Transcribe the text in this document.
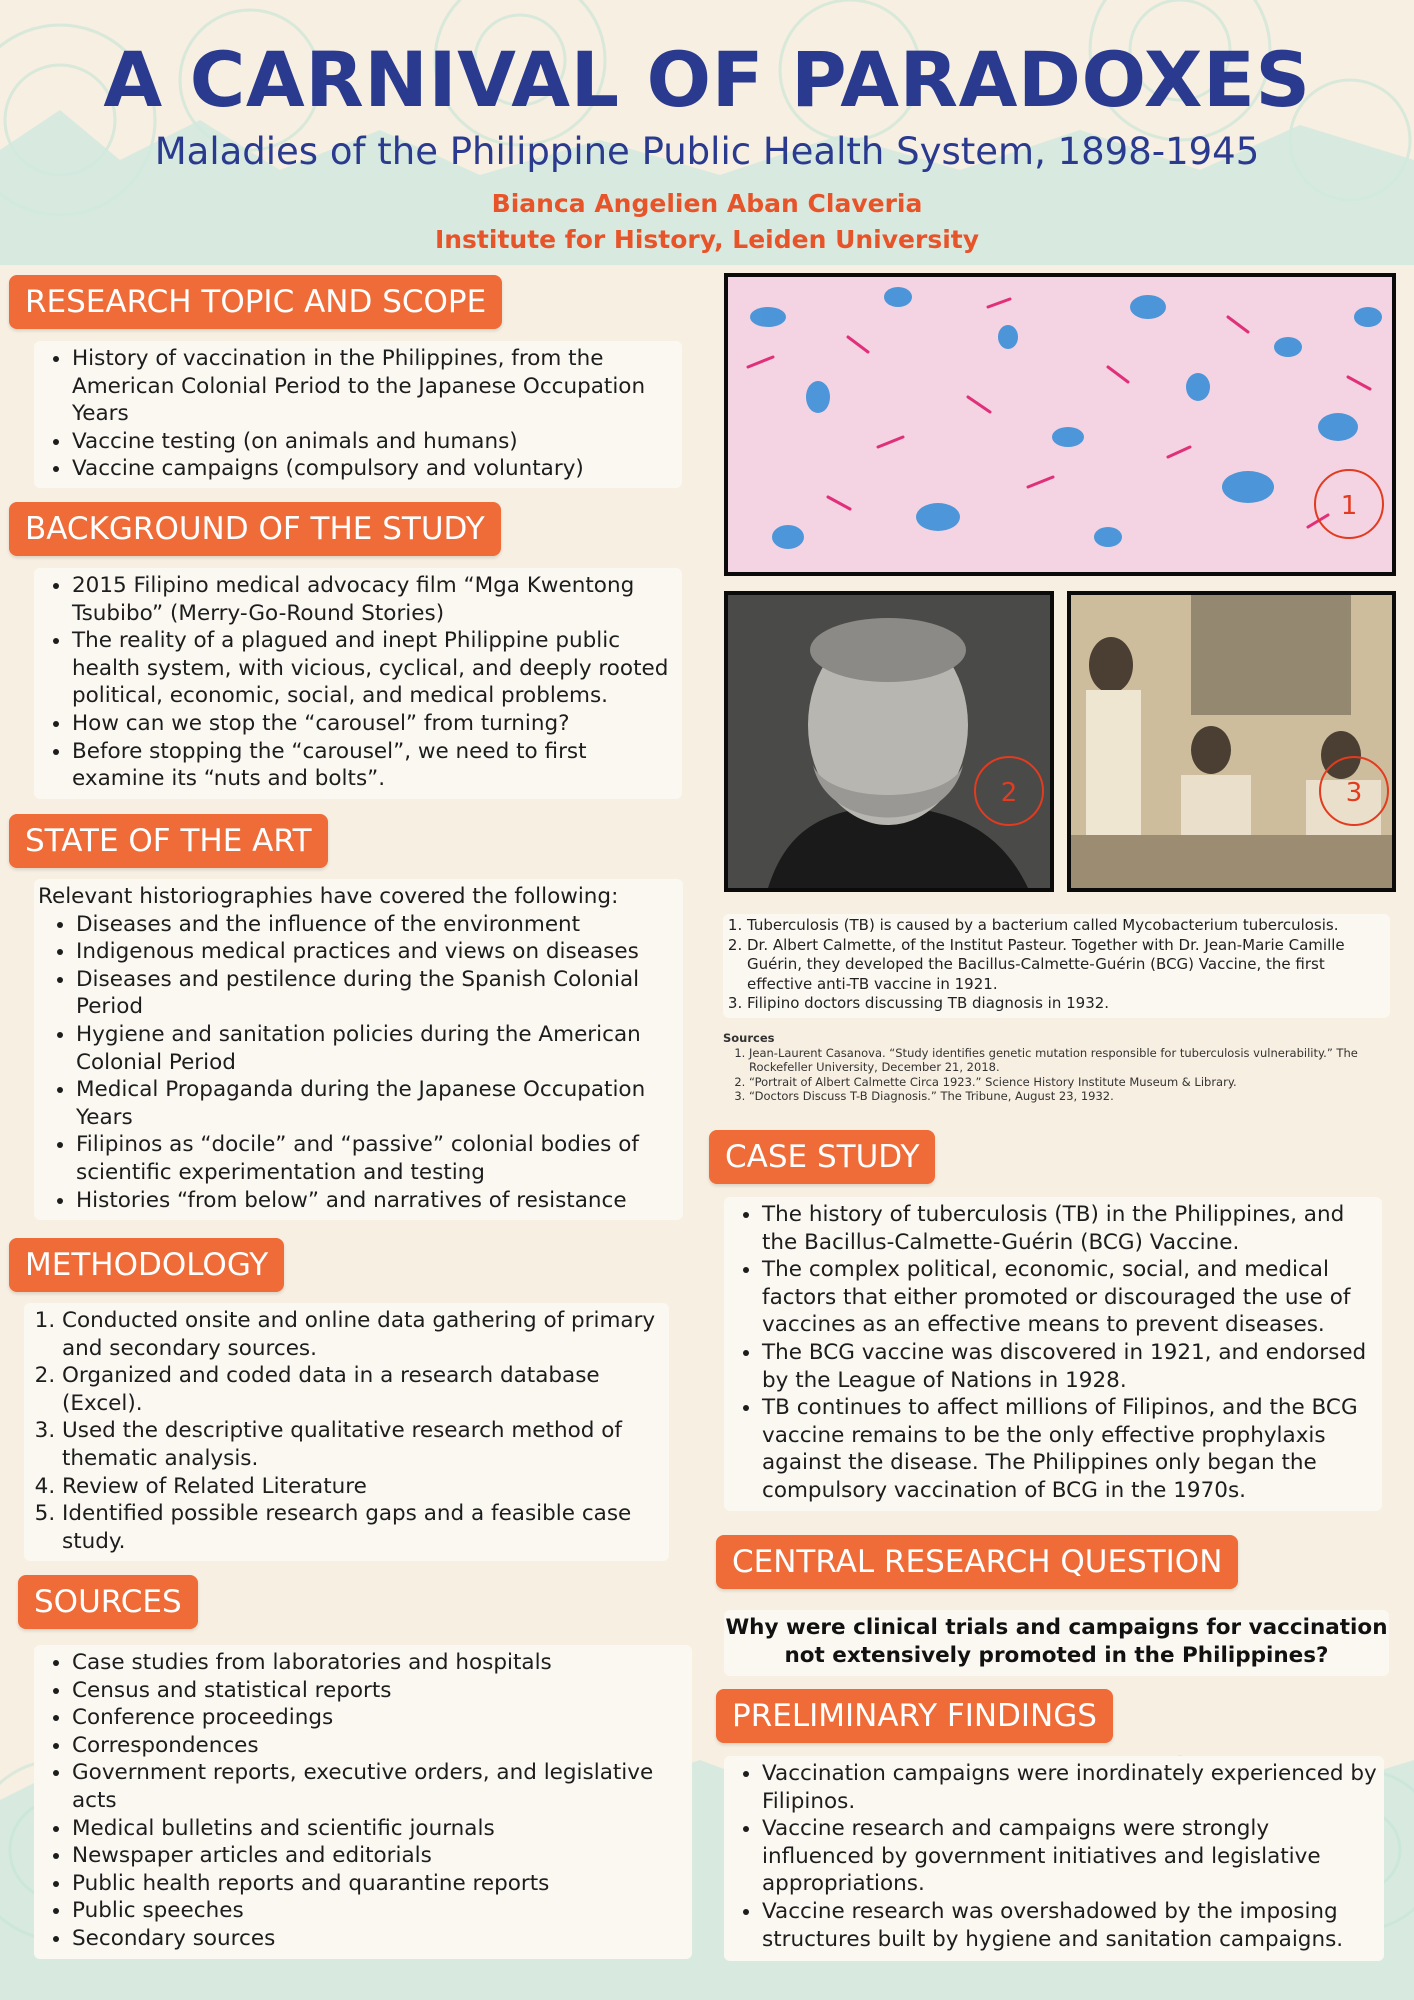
A CARNIVAL OF PARADOXES
Maladies of the Philippine Public Health System, 1898-1945
Bianca Angelien Aban Claveria
Institute for History, Leiden University
RESEARCH TOPIC AND SCOPE
• History of vaccination in the Philippines, from the American Colonial Period to the Japanese Occupation Years
• Vaccine testing (on animals and humans)
• Vaccine campaigns (compulsory and voluntary)
BACKGROUND OF THE STUDY
• 2015 Filipino medical advocacy film “Mga Kwentong Tsubibo” (Merry-Go-Round Stories)
• The reality of a plagued and inept Philippine public health system, with vicious, cyclical, and deeply rooted political, economic, social, and medical problems.
• How can we stop the “carousel” from turning?
• Before stopping the “carousel”, we need to first examine its “nuts and bolts”.
STATE OF THE ART
Relevant historiographies have covered the following:
• Diseases and the influence of the environment
• Indigenous medical practices and views on diseases
• Diseases and pestilence during the Spanish Colonial Period
• Hygiene and sanitation policies during the American Colonial Period
• Medical Propaganda during the Japanese Occupation Years
• Filipinos as “docile” and “passive” colonial bodies of scientific experimentation and testing
• Histories “from below” and narratives of resistance
METHODOLOGY
1. Conducted onsite and online data gathering of primary and secondary sources.
2. Organized and coded data in a research database (Excel).
3. Used the descriptive qualitative research method of thematic analysis.
4. Review of Related Literature
5. Identified possible research gaps and a feasible case study.
SOURCES
• Case studies from laboratories and hospitals
• Census and statistical reports
• Conference proceedings
• Correspondences
• Government reports, executive orders, and legislative acts
• Medical bulletins and scientific journals
• Newspaper articles and editorials
• Public health reports and quarantine reports
• Public speeches
• Secondary sources
1
2	3
1. Tuberculosis (TB) is caused by a bacterium called Mycobacterium tuberculosis.
2. Dr. Albert Calmette, of the Institut Pasteur. Together with Dr. Jean-Marie Camille Guérin, they developed the Bacillus-Calmette-Guérin (BCG) Vaccine, the first effective anti-TB vaccine in 1921.
3. Filipino doctors discussing TB diagnosis in 1932.
Sources
1. Jean-Laurent Casanova. “Study identifies genetic mutation responsible for tuberculosis vulnerability.” The Rockefeller University, December 21, 2018.
2. “Portrait of Albert Calmette Circa 1923.” Science History Institute Museum & Library.
3. “Doctors Discuss T-B Diagnosis.” The Tribune, August 23, 1932.
CASE STUDY
• The history of tuberculosis (TB) in the Philippines, and the Bacillus-Calmette-Guérin (BCG) Vaccine.
• The complex political, economic, social, and medical factors that either promoted or discouraged the use of vaccines as an effective means to prevent diseases.
• The BCG vaccine was discovered in 1921, and endorsed by the League of Nations in 1928.
• TB continues to affect millions of Filipinos, and the BCG vaccine remains to be the only effective prophylaxis against the disease. The Philippines only began the compulsory vaccination of BCG in the 1970s.
CENTRAL RESEARCH QUESTION
Why were clinical trials and campaigns for vaccination not extensively promoted in the Philippines?
PRELIMINARY FINDINGS
• Vaccination campaigns were inordinately experienced by Filipinos.
• Vaccine research and campaigns were strongly influenced by government initiatives and legislative appropriations.
• Vaccine research was overshadowed by the imposing structures built by hygiene and sanitation campaigns.
